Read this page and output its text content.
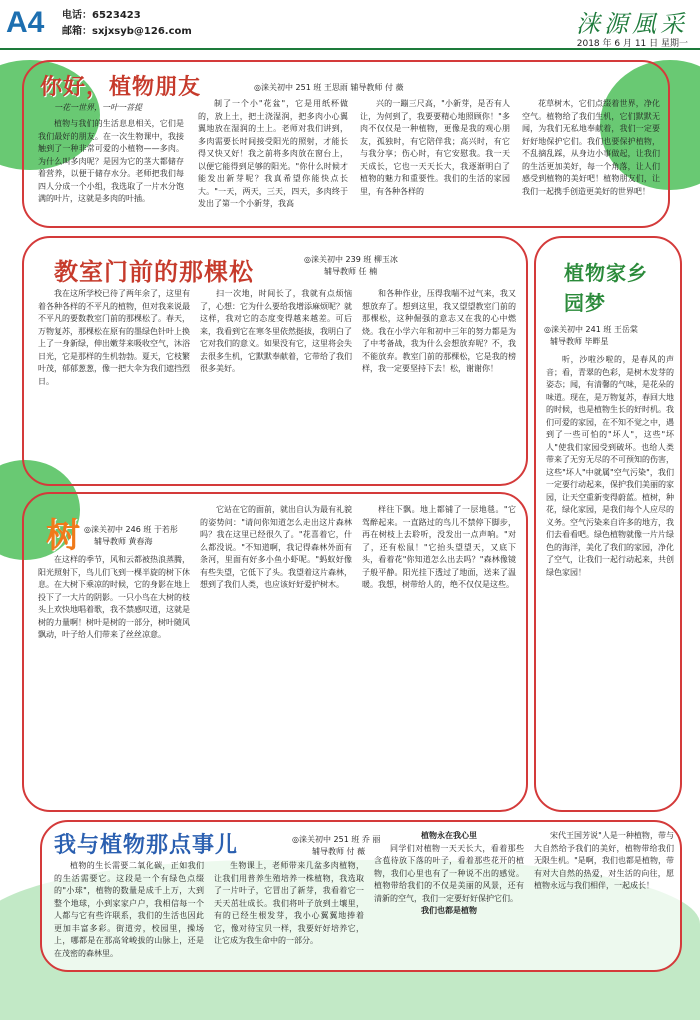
A4 电话：6523423
邮箱：sxjxsyb@126.com	涞源風采
2018 年 6 月 11 日 星期一
你好，植物朋友	◎涞关初中 251 班 王思雨 辅导教师 付 薇
一花一世界，一叶一菩提

植物与我们的生活息息相关，它们是我们最好的朋友。在一次生物课中，我接触到了一种非常可爱的小植物——多肉。为什么叫多肉呢？是因为它的茎大都储存着营养，以便于储存水分。老师把我们每四人分成一个小组，我选取了一片水分饱满的叶片，这就是多肉的叶插。

制了一个小"花盆"，它是用纸杯做的，放上土，把土浇湿润，把多肉小心翼翼地放在湿润的土上。老师对我们讲到，多肉需要长时间接受阳光的照射，才能长得又快又好！我之前将多肉放在窗台上，以便它能得到足够的阳光。"你什么时候才能发出新芽呢？我真希望你能快点长大。"一天，两天，三天，四天，多肉终于发出了第一个小新芽，我高

兴的一蹦三尺高，"小新芽，是否有人让，为何到了，我要要精心地照顾你！"多肉不仅仅是一种植物，更像是我的观心朋友，孤独时，有它陪伴我；高兴时，有它与我分享；伤心时，有它安慰我。我一天天成长，它也一天天长大，我逐渐明白了植物的魅力和重要性。我们的生活的家园里，有各种各样的

花草树木，它们点缀着世界，净化空气。植物给了我们生机，它们默默无闻，为我们无私地奉献着，我们一定要好好地保护它们。我们也要保护植物，不乱摘乱踩，从身边小事做起，让我们的生活更加美好，每一个角落，让人们感受到植物的美好吧！植物朋友们，让我们一起携手创造更美好的世界吧！

教室门前的那棵松	◎涞关初中 239 班 柳玉冰
辅导教师 任 楠

我在这所学校已待了两年余了，这里有着各种各样的不平凡的植物，但对我来说最不平凡的要数教室门前的那棵松了。春天，万物复苏，那棵松在原有的墨绿色针叶上换上了一身新绿，伸出嫩芽来吸收空气，沐浴日光，它是那样的生机勃勃。夏天，它枝繁叶茂，郁郁葱葱，像一把大伞为我们遮挡烈日。

扫一次地，时间长了，我就有点烦恼了，心想：它为什么要给我增添麻烦呢？就这样，我对它的态度变得越来越差。可后来，我看到它在寒冬里依然挺拔，我明白了它对我们的意义。如果没有它，这里将会失去很多生机，它默默奉献着，它带给了我们很多美好。

和各种作业，压得我喘不过气来，我又想放弃了。想到这里，我又望望教室门前的那棵松，这种倔强的意志又在我的心中燃烧。我在小学六年和初中三年的努力都是为了中考备战，我为什么会想放弃呢？不，我不能放弃。教室门前的那棵松，它是我的榜样，我一定要坚持下去！松，谢谢你！

树 ◎涞关初中 246 班 于若彤
辅导教师 黄春海

在这样的季节，风和云都被热浪蒸腾，阳光照射下，鸟儿们飞到一棵半旋的树下休息。在大树下乘凉的时候，它的身影在地上投下了一大片的阴影。一只小鸟在大树的枝头上欢快地唱着歌，我不禁感叹道，这就是树的力量啊！树叶是树的一部分，树叶随风飘动，叶子给人们带来了丝丝凉意。

它站在它的面前，就出自认为最有礼貌的姿势问："请问你知道怎么走出这片森林吗？我在这里已经很久了。"花喜着它，什么都没说。"不知道啊，我记得森林外面有条河，里面有好多小鱼小虾呢。"蚂蚁好像有些失望，它低下了头。我望着这片森林，想到了我们人类，也应该好好爱护树木。

样往下飘。地上都铺了一层地毯。"它驾醉起来。一直路过的鸟儿不禁停下脚步，再在树枝上去聆听，没发出一点声响。"对了，还有松鼠！"它抬头望望天，又底下头，看着花"你知道怎么出去吗？"森林像镜子般平静。阳光挂下透过了地面，送来了温暖。我想，树带给人的，绝不仅仅是这些。

植物家乡园梦
◎涞关初中 241 班 王岳棠
辅导教师 毕畔星

听，沙啦沙啦的，是春风的声音；看，青翠的色彩，是树木发芽的姿态；闻，有清馨的气味，是花朵的味道。现在，是万物复苏，春回大地的时候，也是植物生长的好时机。我们可爱的家园，在不知不觉之中，遇到了一些可怕的"坏人"，这些"坏人"使我们家园受到破坏。也给人类带来了无穷无尽的不可预知的伤害，这些"坏人"中就属"空气污染"，我们一定要行动起来，保护我们美丽的家园，让天空重新变得蔚蓝。植树，种花，绿化家园，是我们每个人应尽的义务。空气污染来自许多的地方，我们去看看吧。绿色植物就像一片片绿色的海洋，美化了我们的家园，净化了空气，让我们一起行动起来，共创绿色家园！

我与植物那点事儿	◎涞关初中 251 班 乔 丽
辅导教师 付 薇

植物的生长需要二氧化碳，正如我们的生活需要它。这段是一个有绿色点缀的"小球"，植物的数量是成千上万，大到整个地球，小到家家户户，我相信每一个人都与它有些许联系，我们的生活也因此更加丰富多彩。街道旁，校园里，操场上，哪都是在那高耸峻拔的山脉上，还是在茂密的森林里。

生物课上，老师带来几盆多肉植物，让我们用普养生殖培养一株植物，我选取了一片叶子，它冒出了新芽，我看着它一天天茁壮成长。我们将叶子放到土壤里，有的已经生根发芽，我小心翼翼地捧着它，像对待宝贝一样，我要好好培养它，让它成为我生命中的一部分。

植物永在我心里

同学们对植物一天天长大，看着那些含苞待放下落的叶子，看着那些花开的植物，我们心里也有了一种说不出的感觉。植物带给我们的不仅是美丽的风景，还有清新的空气，我们一定要好好保护它们。

我们也都是植物

宋代王国芳说"人是一种植物，带与大自然给予我们的美好，植物带给我们无限生机。"是啊，我们也都是植物，带有对大自然的热爱，对生活的向往，愿植物永远与我们相伴，一起成长！
